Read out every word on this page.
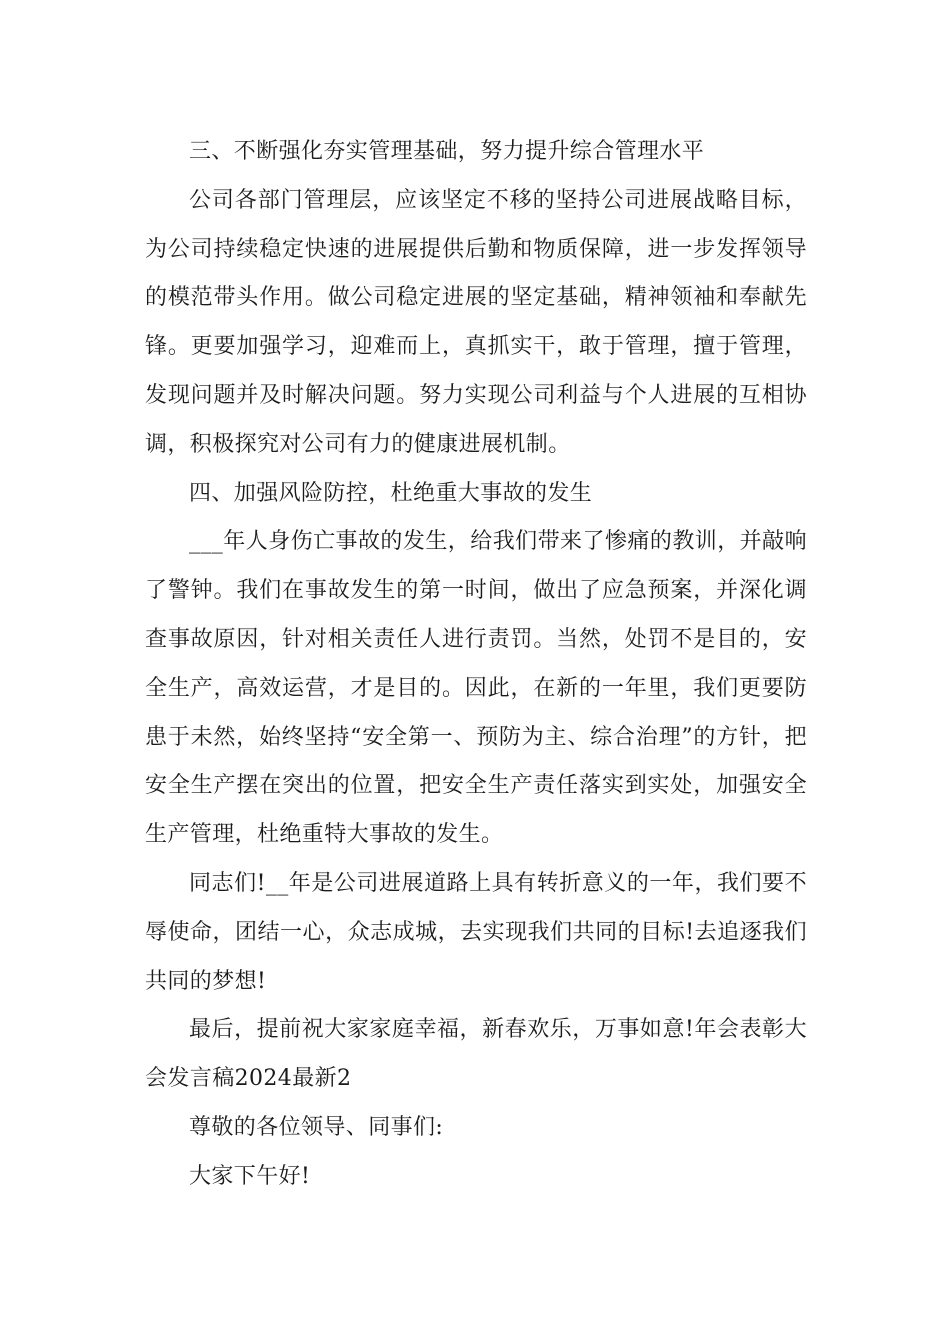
三、不断强化夯实管理基础，努力提升综合管理水平

公司各部门管理层，应该坚定不移的坚持公司进展战略目标，为公司持续稳定快速的进展提供后勤和物质保障，进一步发挥领导的模范带头作用。做公司稳定进展的坚定基础，精神领袖和奉献先锋。更要加强学习，迎难而上，真抓实干，敢于管理，擅于管理，发现问题并及时解决问题。努力实现公司利益与个人进展的互相协调，积极探究对公司有力的健康进展机制。

四、加强风险防控，杜绝重大事故的发生

___年人身伤亡事故的发生，给我们带来了惨痛的教训，并敲响了警钟。我们在事故发生的第一时间，做出了应急预案，并深化调查事故原因，针对相关责任人进行责罚。当然，处罚不是目的，安全生产，高效运营，才是目的。因此，在新的一年里，我们更要防患于未然，始终坚持“安全第一、预防为主、综合治理”的方针，把安全生产摆在突出的位置，把安全生产责任落实到实处，加强安全生产管理，杜绝重特大事故的发生。

同志们!__年是公司进展道路上具有转折意义的一年，我们要不辱使命，团结一心，众志成城，去实现我们共同的目标!去追逐我们共同的梦想!

最后，提前祝大家家庭幸福，新春欢乐，万事如意!年会表彰大会发言稿2024最新2

尊敬的各位领导、同事们:

大家下午好!
